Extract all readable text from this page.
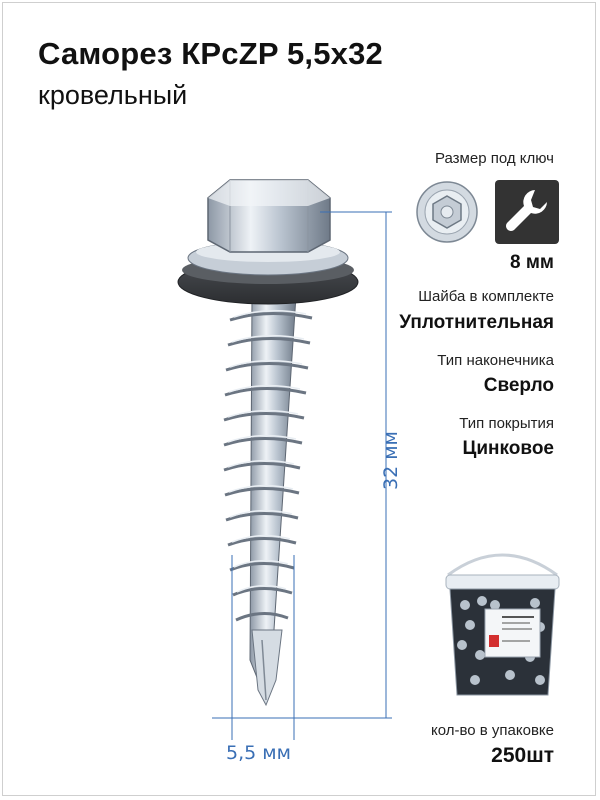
Саморез КРсZP 5,5х32
кровельный
32 мм
5,5 мм
Размер под ключ
8 мм
Шайба в комплекте
Уплотнительная
Тип наконечника
Сверло
Тип покрытия
Цинковое
кол-во в упаковке
250шт
